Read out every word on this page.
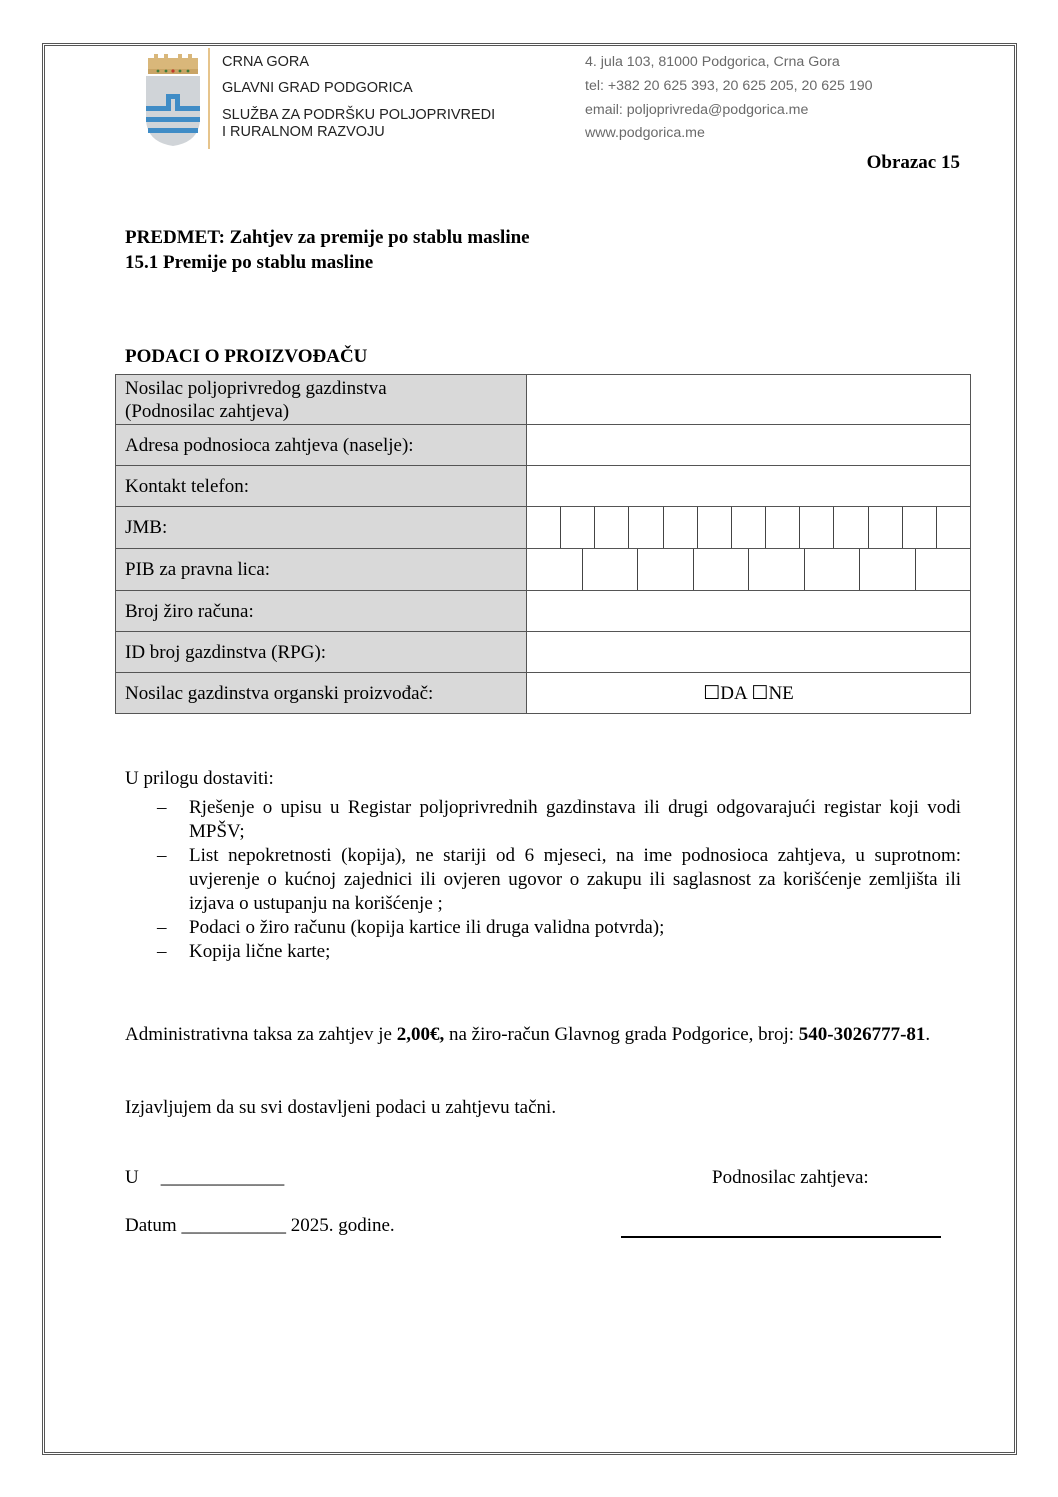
CRNA GORA
GLAVNI GRAD PODGORICA
SLUŽBA ZA PODRŠKU POLJOPRIVREDI
I RURALNOM RAZVOJU
4. jula 103, 81000 Podgorica, Crna Gora
tel: +382 20 625 393, 20 625 205, 20 625 190
email: poljoprivreda@podgorica.me
www.podgorica.me
Obrazac 15
PREDMET: Zahtjev za premije po stablu masline
15.1 Premije po stablu masline
PODACI O PROIZVOĐAČU
Nosilac poljoprivredog gazdinstva
(Podnosilac zahtjeva)	

Adresa podnosioca zahtjeva (naselje):	
Kontakt telefon:	
JMB:	

PIB za pravna lica:	

Broj žiro računa:	
ID broj gazdinstva (RPG):	
Nosilac gazdinstva organski proizvođač:	☐DA ☐NE
U prilogu dostaviti:
– Rješenje o upisu u Registar poljoprivrednih gazdinstava ili drugi odgovarajući registar koji vodi MPŠV;
– List nepokretnosti (kopija), ne stariji od 6 mjeseci, na ime podnosioca zahtjeva, u suprotnom: uvjerenje o kućnoj zajednici ili ovjeren ugovor o zakupu ili saglasnost za korišćenje zemljišta ili izjava o ustupanju na korišćenje ;
– Podaci o žiro računu (kopija kartice ili druga validna potvrda);
– Kopija lične karte;
Administrativna taksa za zahtjev je 2,00€, na žiro-račun Glavnog grada Podgorice, broj: 540-3026777-81.
Izjavljujem da su svi dostavljeni podaci u zahtjevu tačni.
U _____________	Podnosilac zahtjeva:
Datum ___________ 2025. godine.
